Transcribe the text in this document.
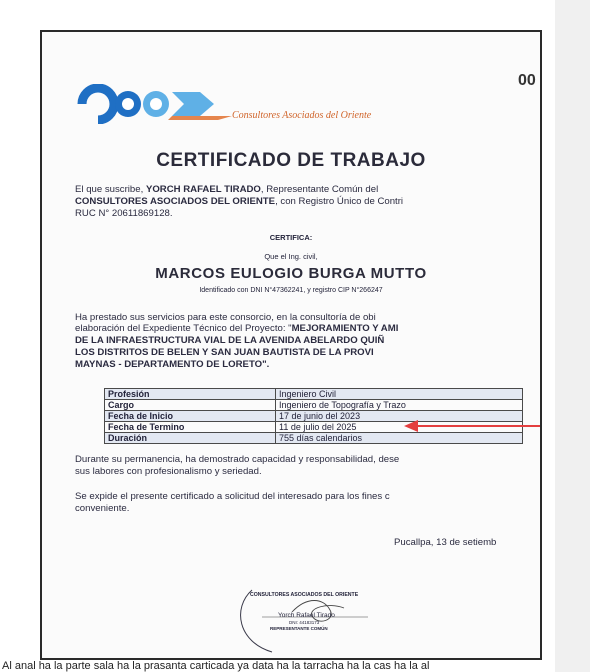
00
Consultores Asociados del Oriente
CERTIFICADO DE TRABAJO
El que suscribe, YORCH RAFAEL TIRADO, Representante Común del
CONSULTORES ASOCIADOS DEL ORIENTE, con Registro Único de Contri
RUC N° 20611869128.
CERTIFICA:
Que el Ing. civil,
MARCOS EULOGIO BURGA MUTTO
Identificado con DNI N°47362241, y registro CIP N°266247
Ha prestado sus servicios para este consorcio, en la consultoría de obi
elaboración del Expediente Técnico del Proyecto: "MEJORAMIENTO Y AMI
DE LA INFRAESTRUCTURA VIAL DE LA AVENIDA ABELARDO QUIÑ
LOS DISTRITOS DE BELEN Y SAN JUAN BAUTISTA DE LA PROVI
MAYNAS - DEPARTAMENTO DE LORETO".
Profesión	Ingeniero Civil
Cargo	Ingeniero de Topografía y Trazo
Fecha de Inicio	17 de junio del 2023
Fecha de Termino	11 de julio del 2025
Duración	755 días calendarios
Durante su permanencia, ha demostrado capacidad y responsabilidad, dese
sus labores con profesionalismo y seriedad.
Se expide el presente certificado a solicitud del interesado para los fines c
conveniente.
Pucallpa, 13 de setiemb
CONSULTORES ASOCIADOS DEL ORIENTE
Yorch Rafael Tirado
DNI: 44183173
REPRESENTANTE COMÚN
Al anal ha la parte sala ha la prasanta carticada ya data ha la tarracha ha la cas ha la al
